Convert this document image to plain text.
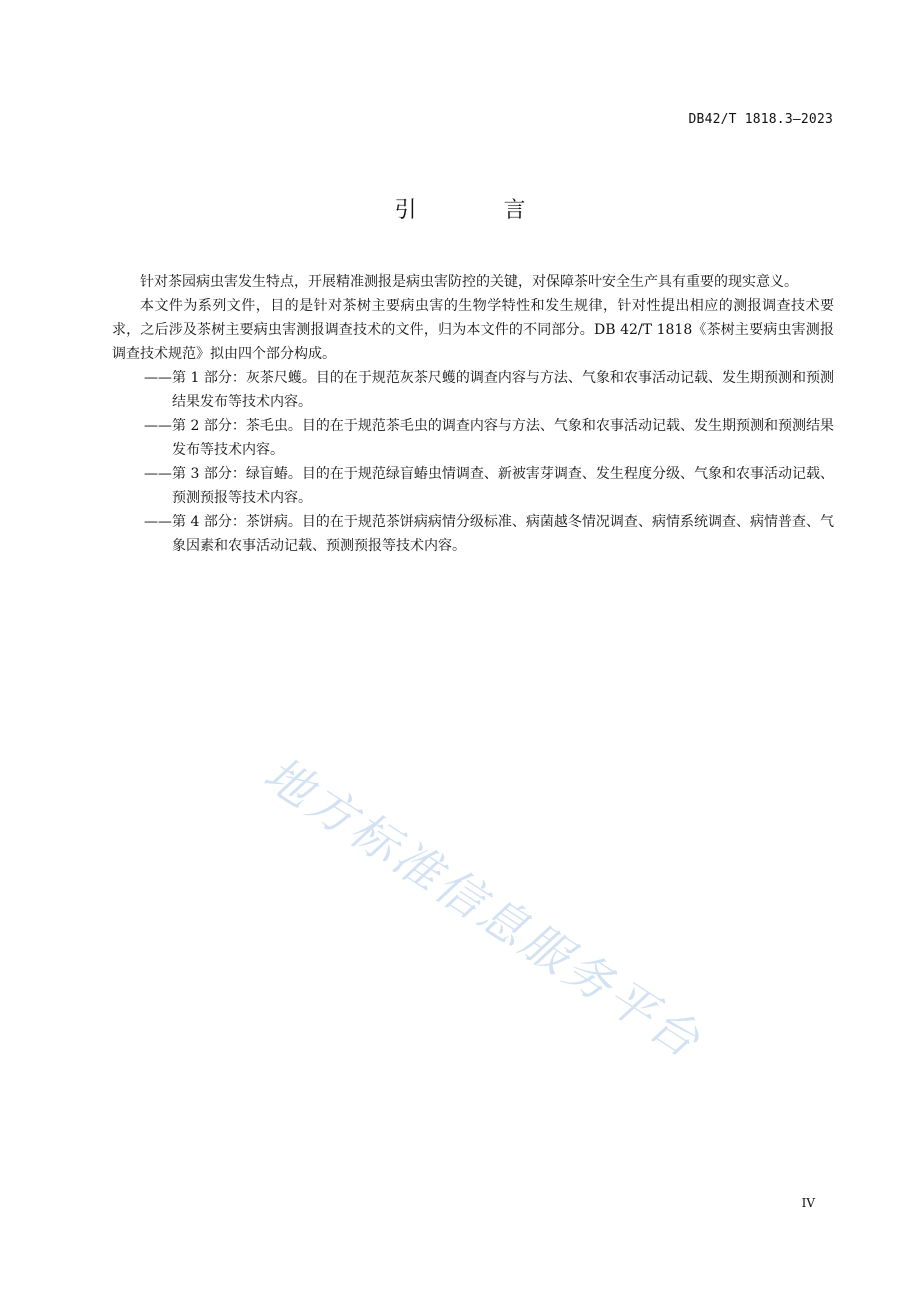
DB42/T 1818.3—2023
引 言

针对茶园病虫害发生特点，开展精准测报是病虫害防控的关键，对保障茶叶安全生产具有重要的现实意义。

本文件为系列文件，目的是针对茶树主要病虫害的生物学特性和发生规律，针对性提出相应的测报调查技术要求，之后涉及茶树主要病虫害测报调查技术的文件，归为本文件的不同部分。DB 42/T 1818《茶树主要病虫害测报调查技术规范》拟由四个部分构成。

—— 第 1 部分：灰茶尺蠖。目的在于规范灰茶尺蠖的调查内容与方法、气象和农事活动记载、发生期预测和预测结果发布等技术内容。
—— 第 2 部分：茶毛虫。目的在于规范茶毛虫的调查内容与方法、气象和农事活动记载、发生期预测和预测结果发布等技术内容。
—— 第 3 部分：绿盲蝽。目的在于规范绿盲蝽虫情调查、新被害芽调查、发生程度分级、气象和农事活动记载、预测预报等技术内容。
—— 第 4 部分：茶饼病。目的在于规范茶饼病病情分级标准、病菌越冬情况调查、病情系统调查、病情普查、气象因素和农事活动记载、预测预报等技术内容。
地方标准信息服务平台
IV
